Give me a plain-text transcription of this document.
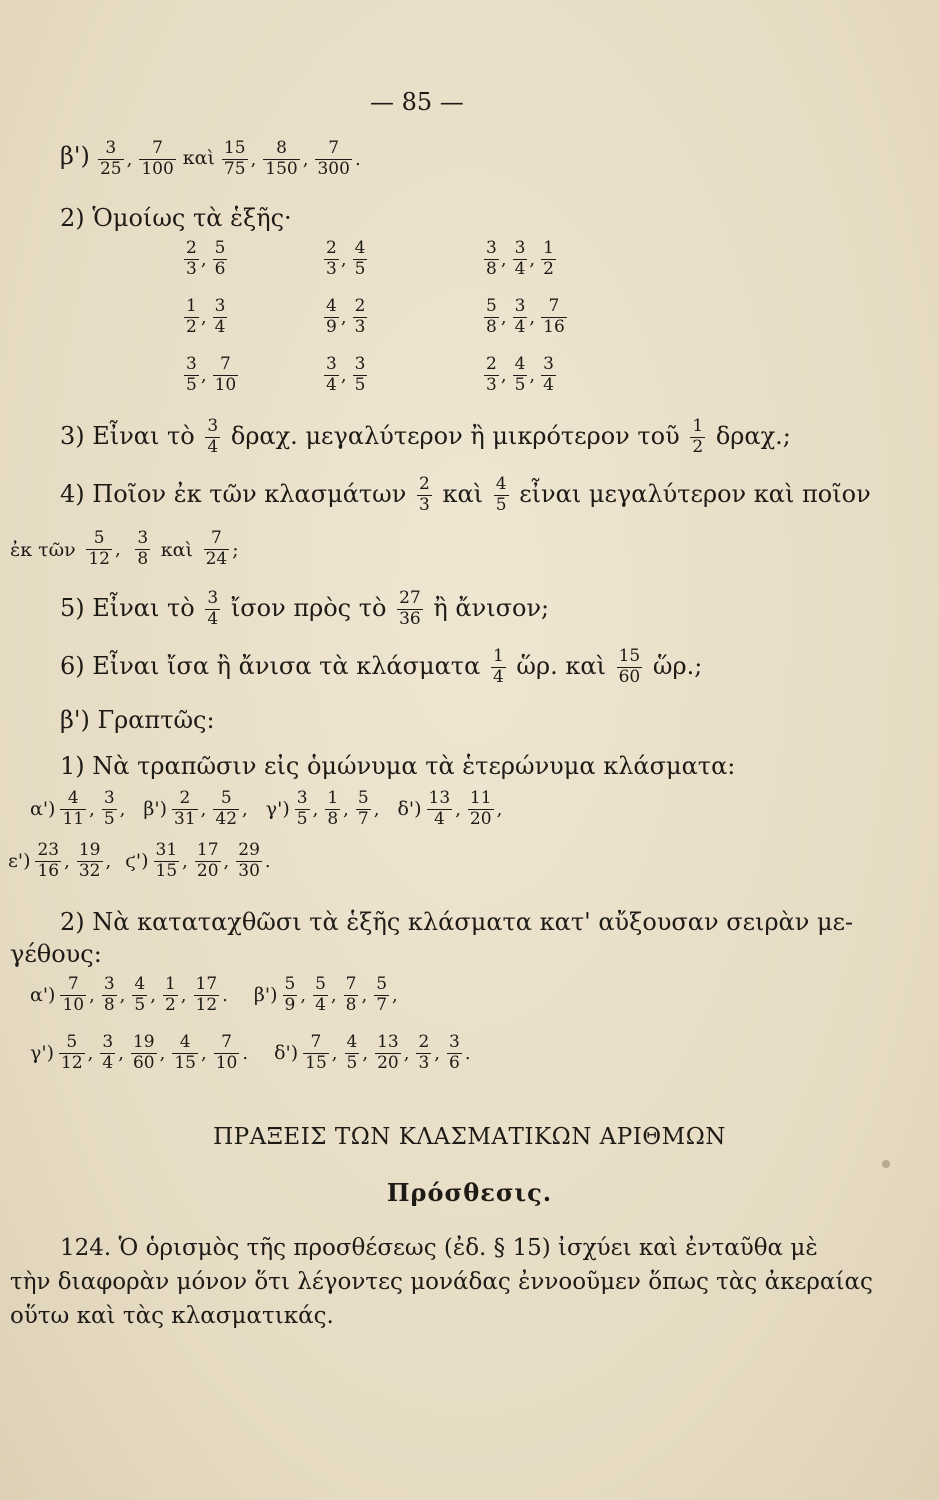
— 85 —
$\beta') \frac{3}{25}$ , $\frac{7}{100}$ καὶ $\frac{15}{75}$ , $\frac{8}{150}$ , $\frac{7}{300}$ .
2) Ὁμοίως τὰ ἑξῆς·
$\frac{2}{3}$ , $\frac{5}{6}$	$\frac{2}{3}$ , $\frac{4}{5}$	$\frac{3}{8}$ , $\frac{3}{4}$ , $\frac{1}{2}$
$\frac{1}{2}$ , $\frac{3}{4}$	$\frac{4}{9}$ , $\frac{2}{3}$	$\frac{5}{8}$ , $\frac{3}{4}$ , $\frac{7}{16}$
$\frac{3}{5}$ , $\frac{7}{10}$	$\frac{3}{4}$ , $\frac{3}{5}$	$\frac{2}{3}$ , $\frac{4}{5}$ , $\frac{3}{4}$
3) Εἶναι τὸ $\frac{3}{4} \delta\rho\alpha\chi$. μεγαλύτερον ἢ μικρότερον τοῦ $\frac{1}{2} \delta\rho\alpha\chi$.;
4) Ποῖον ἐκ τῶν κλασμάτων $\frac{2}{3}$ καὶ $\frac{4}{5}$ εἶναι μεγαλύτερον καὶ ποῖον
ἐκ τῶν $\frac{5}{12}$ , $\frac{3}{8}$ καὶ $\frac{7}{24}$ ;
5) Εἶναι τὸ $\frac{3}{4}$ ἴσον πρὸς τὸ $\frac{27}{36}$ ἢ ἄνισον;
6) Εἶναι ἴσα ἢ ἄνισα τὰ κλάσματα $\frac{1}{4}$ ὥρ. καὶ $\frac{15}{60}$ ὥρ.;
β') Γραπτῶς:
1) Νὰ τραπῶσιν εἰς ὁμώνυμα τὰ ἑτερώνυμα κλάσματα:
$\alpha') \frac{4}{11}$ , $\frac{3}{5}$ , $\beta') \frac{2}{31}$ , $\frac{5}{42}$ , $\gamma') \frac{3}{5}$ , $\frac{1}{8}$ , $\frac{5}{7}$ , $\delta') \frac{13}{4}$ , $\frac{11}{20}$ ,
$\varepsilon') \frac{23}{16}$ , $\frac{19}{32}$ , $ϛ') \frac{31}{15}$ , $\frac{17}{20}$ , $\frac{29}{30}$ .
2) Νὰ καταταχθῶσι τὰ ἑξῆς κλάσματα κατ' αὔξουσαν σειρὰν με-
γέθους:
$\alpha') \frac{7}{10}$ , $\frac{3}{8}$ , $\frac{4}{5}$ , $\frac{1}{2}$ , $\frac{17}{12}$ . $\beta') \frac{5}{9}$ , $\frac{5}{4}$ , $\frac{7}{8}$ , $\frac{5}{7}$ ,
$\gamma') \frac{5}{12}$ , $\frac{3}{4}$ , $\frac{19}{60}$ , $\frac{4}{15}$ , $\frac{7}{10}$ . $\delta') \frac{7}{15}$ , $\frac{4}{5}$ , $\frac{13}{20}$ , $\frac{2}{3}$ , $\frac{3}{6}$ .
ΠΡΑΞΕΙΣ ΤΩΝ ΚΛΑΣΜΑΤΙΚΩΝ ΑΡΙΘΜΩΝ
Πρόσθεσις.
124. Ὁ ὁρισμὸς τῆς προσθέσεως (ἐδ. § 15) ἰσχύει καὶ ἐνταῦθα μὲ
τὴν διαφορὰν μόνον ὅτι λέγοντες μονάδας ἐννοοῦμεν ὅπως τὰς ἀκεραίας
οὕτω καὶ τὰς κλασματικάς.
